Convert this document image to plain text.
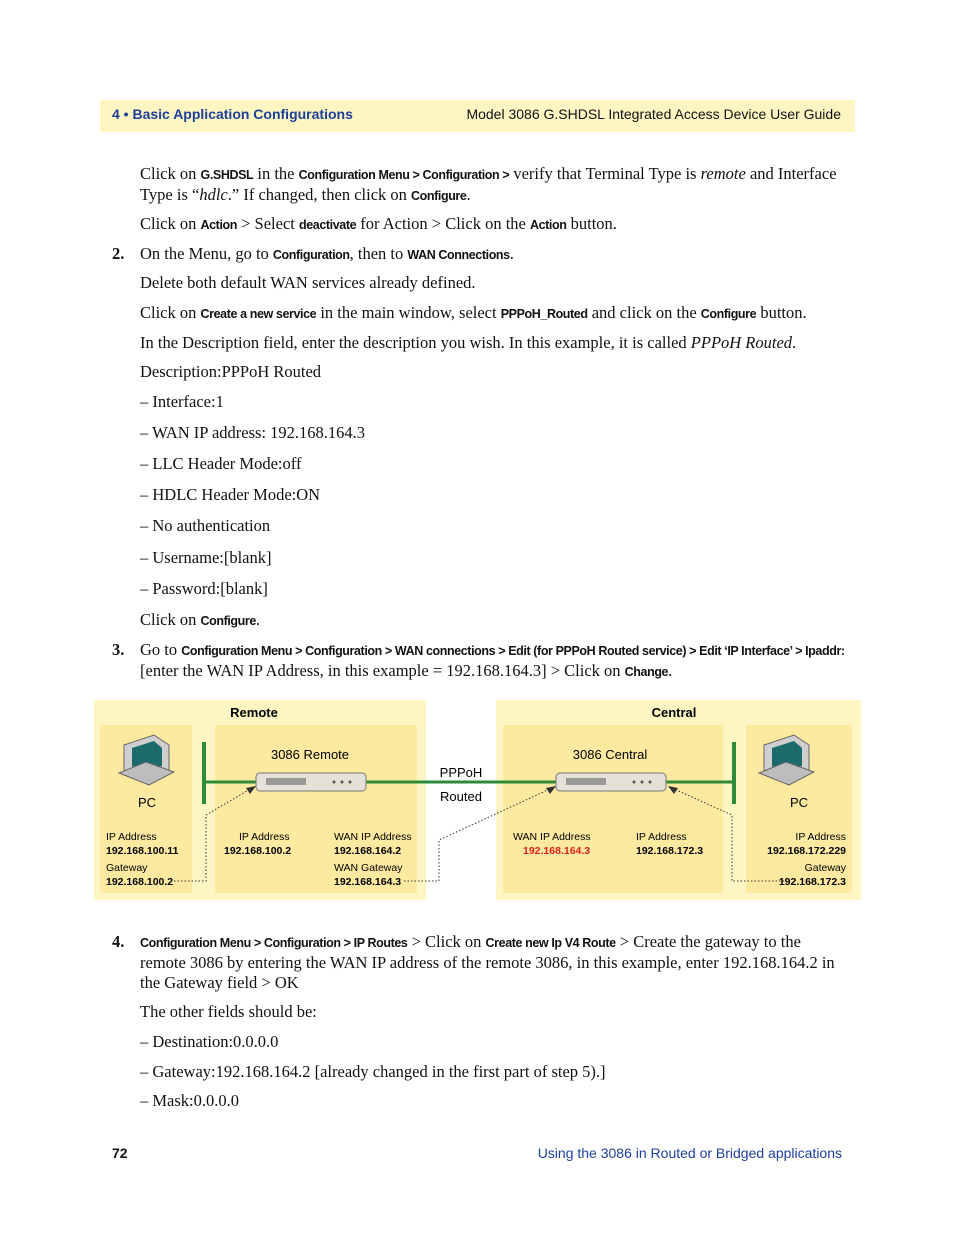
4 • Basic Application Configurations	Model 3086 G.SHDSL Integrated Access Device User Guide
Click on G.SHDSL in the Configuration Menu > Configuration > verify that Terminal Type is remote and Interface Type is “hdlc.” If changed, then click on Configure.
Click on Action > Select deactivate for Action > Click on the Action button.
2. On the Menu, go to Configuration, then to WAN Connections.
Delete both default WAN services already defined.
Click on Create a new service in the main window, select PPPoH_Routed and click on the Configure button.
In the Description field, enter the description you wish. In this example, it is called PPPoH Routed.
Description:PPPoH Routed
– Interface:1
– WAN IP address: 192.168.164.3
– LLC Header Mode:off
– HDLC Header Mode:ON
– No authentication
– Username:[blank]
– Password:[blank]
Click on Configure.
3. Go to Configuration Menu > Configuration > WAN connections > Edit (for PPPoH Routed service) > Edit ‘IP Interface’ > Ipaddr: [enter the WAN IP Address, in this example = 192.168.164.3] > Click on Change.
Remote	Central
3086 Remote	3086 Central
PPPoH
Routed
PC	PC
IP Address
192.168.100.11
Gateway
192.168.100.2
IP Address
192.168.100.2
WAN IP Address
192.168.164.2
WAN Gateway
192.168.164.3
WAN IP Address
192.168.164.3
IP Address
192.168.172.3
IP Address
192.168.172.229
Gateway
192.168.172.3
4. Configuration Menu > Configuration > IP Routes > Click on Create new Ip V4 Route > Create the gateway to the remote 3086 by entering the WAN IP address of the remote 3086, in this example, enter 192.168.164.2 in the Gateway field > OK
The other fields should be:
– Destination:0.0.0.0
– Gateway:192.168.164.2 [already changed in the first part of step 5).]
– Mask:0.0.0.0
72	Using the 3086 in Routed or Bridged applications
